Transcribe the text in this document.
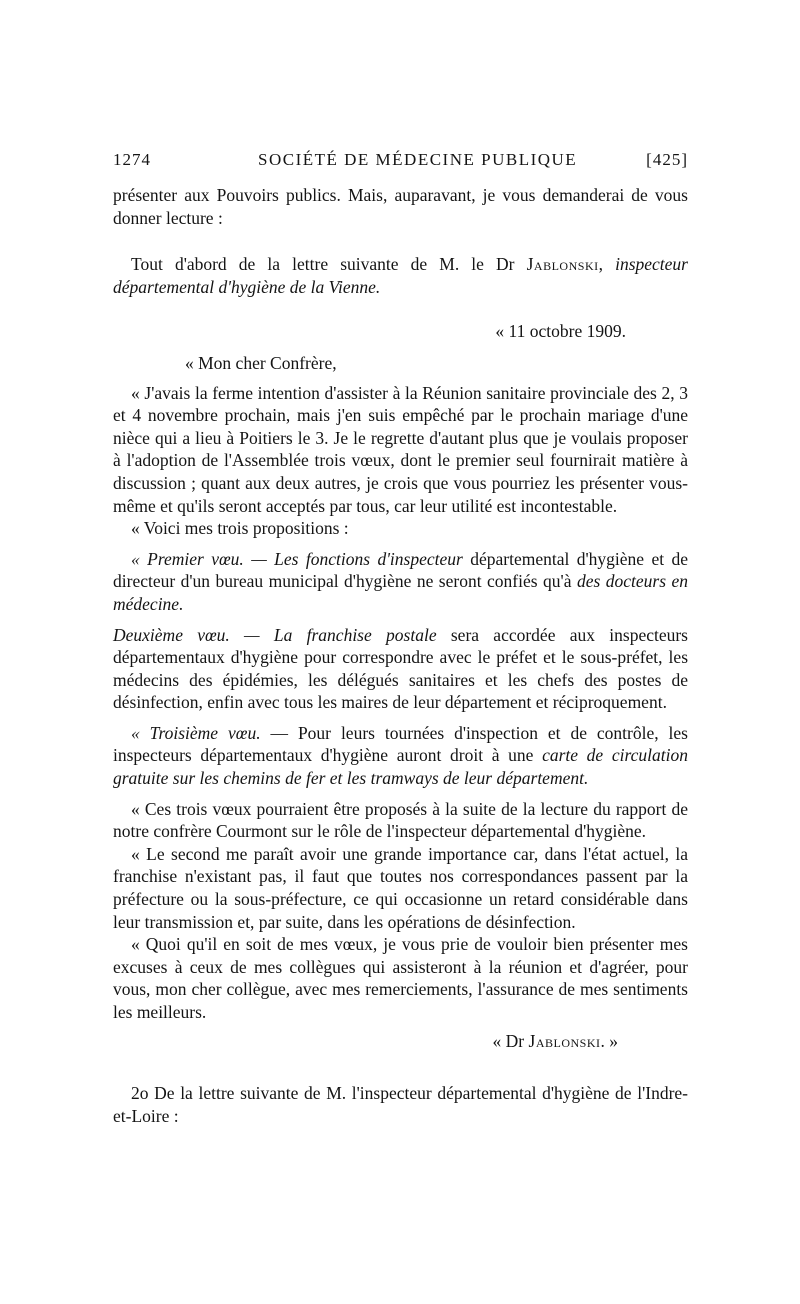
1274	SOCIÉTÉ DE MÉDECINE PUBLIQUE	[425]

présenter aux Pouvoirs publics. Mais, auparavant, je vous demanderai de vous donner lecture :

Tout d'abord de la lettre suivante de M. le Dr Jablonski, inspecteur départemental d'hygiène de la Vienne.

« 11 octobre 1909.

« Mon cher Confrère,

« J'avais la ferme intention d'assister à la Réunion sanitaire provinciale des 2, 3 et 4 novembre prochain, mais j'en suis empêché par le prochain mariage d'une nièce qui a lieu à Poitiers le 3. Je le regrette d'autant plus que je voulais proposer à l'adoption de l'Assemblée trois vœux, dont le premier seul fournirait matière à discussion ; quant aux deux autres, je crois que vous pourriez les présenter vous-même et qu'ils seront acceptés par tous, car leur utilité est incontestable.

« Voici mes trois propositions :

« Premier vœu. — Les fonctions d'inspecteur départemental d'hygiène et de directeur d'un bureau municipal d'hygiène ne seront confiés qu'à des docteurs en médecine.

Deuxième vœu. — La franchise postale sera accordée aux inspecteurs départementaux d'hygiène pour correspondre avec le préfet et le sous-préfet, les médecins des épidémies, les délégués sanitaires et les chefs des postes de désinfection, enfin avec tous les maires de leur département et réciproquement.

« Troisième vœu. — Pour leurs tournées d'inspection et de contrôle, les inspecteurs départementaux d'hygiène auront droit à une carte de circulation gratuite sur les chemins de fer et les tramways de leur département.

« Ces trois vœux pourraient être proposés à la suite de la lecture du rapport de notre confrère Courmont sur le rôle de l'inspecteur départemental d'hygiène.

« Le second me paraît avoir une grande importance car, dans l'état actuel, la franchise n'existant pas, il faut que toutes nos correspondances passent par la préfecture ou la sous-préfecture, ce qui occasionne un retard considérable dans leur transmission et, par suite, dans les opérations de désinfection.

« Quoi qu'il en soit de mes vœux, je vous prie de vouloir bien présenter mes excuses à ceux de mes collègues qui assisteront à la réunion et d'agréer, pour vous, mon cher collègue, avec mes remerciements, l'assurance de mes sentiments les meilleurs.

« Dr Jablonski. »

2o De la lettre suivante de M. l'inspecteur départemental d'hygiène de l'Indre-et-Loire :
